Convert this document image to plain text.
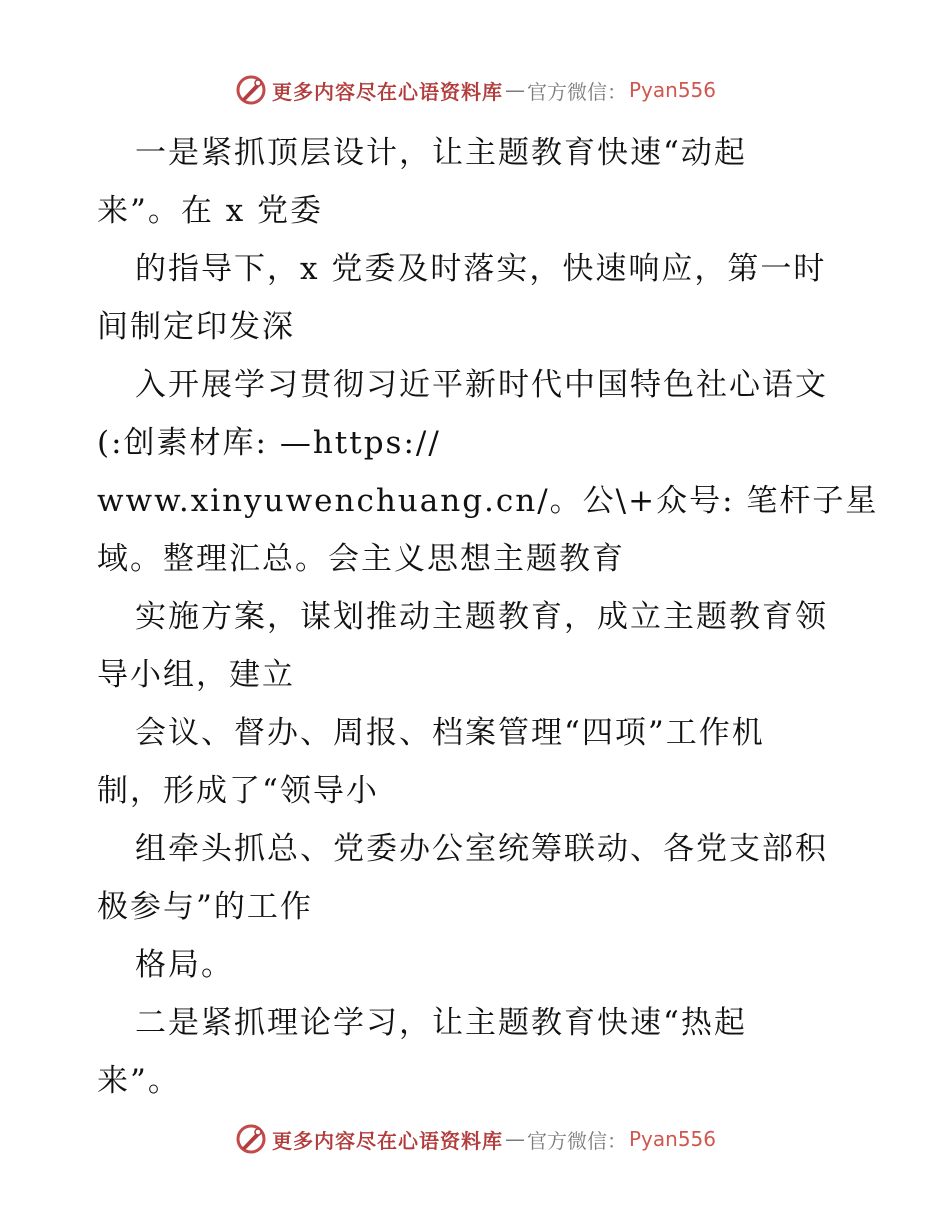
更多内容尽在心语资料库 — 官方微信： Pyan556
一是紧抓顶层设计，让主题教育快速“动起
来”。在 x 党委
的指导下，x 党委及时落实，快速响应，第一时
间制定印发深
入开展学习贯彻习近平新时代中国特色社心语文
(:创素材库: —https://
www.xinyuwenchuang.cn/。公\+众号: 笔杆子星
域。整理汇总。会主义思想主题教育
实施方案，谋划推动主题教育，成立主题教育领
导小组，建立
会议、督办、周报、档案管理“四项”工作机
制，形成了“领导小
组牵头抓总、党委办公室统筹联动、各党支部积
极参与”的工作
格局。
二是紧抓理论学习，让主题教育快速“热起
来”。
更多内容尽在心语资料库 — 官方微信： Pyan556
